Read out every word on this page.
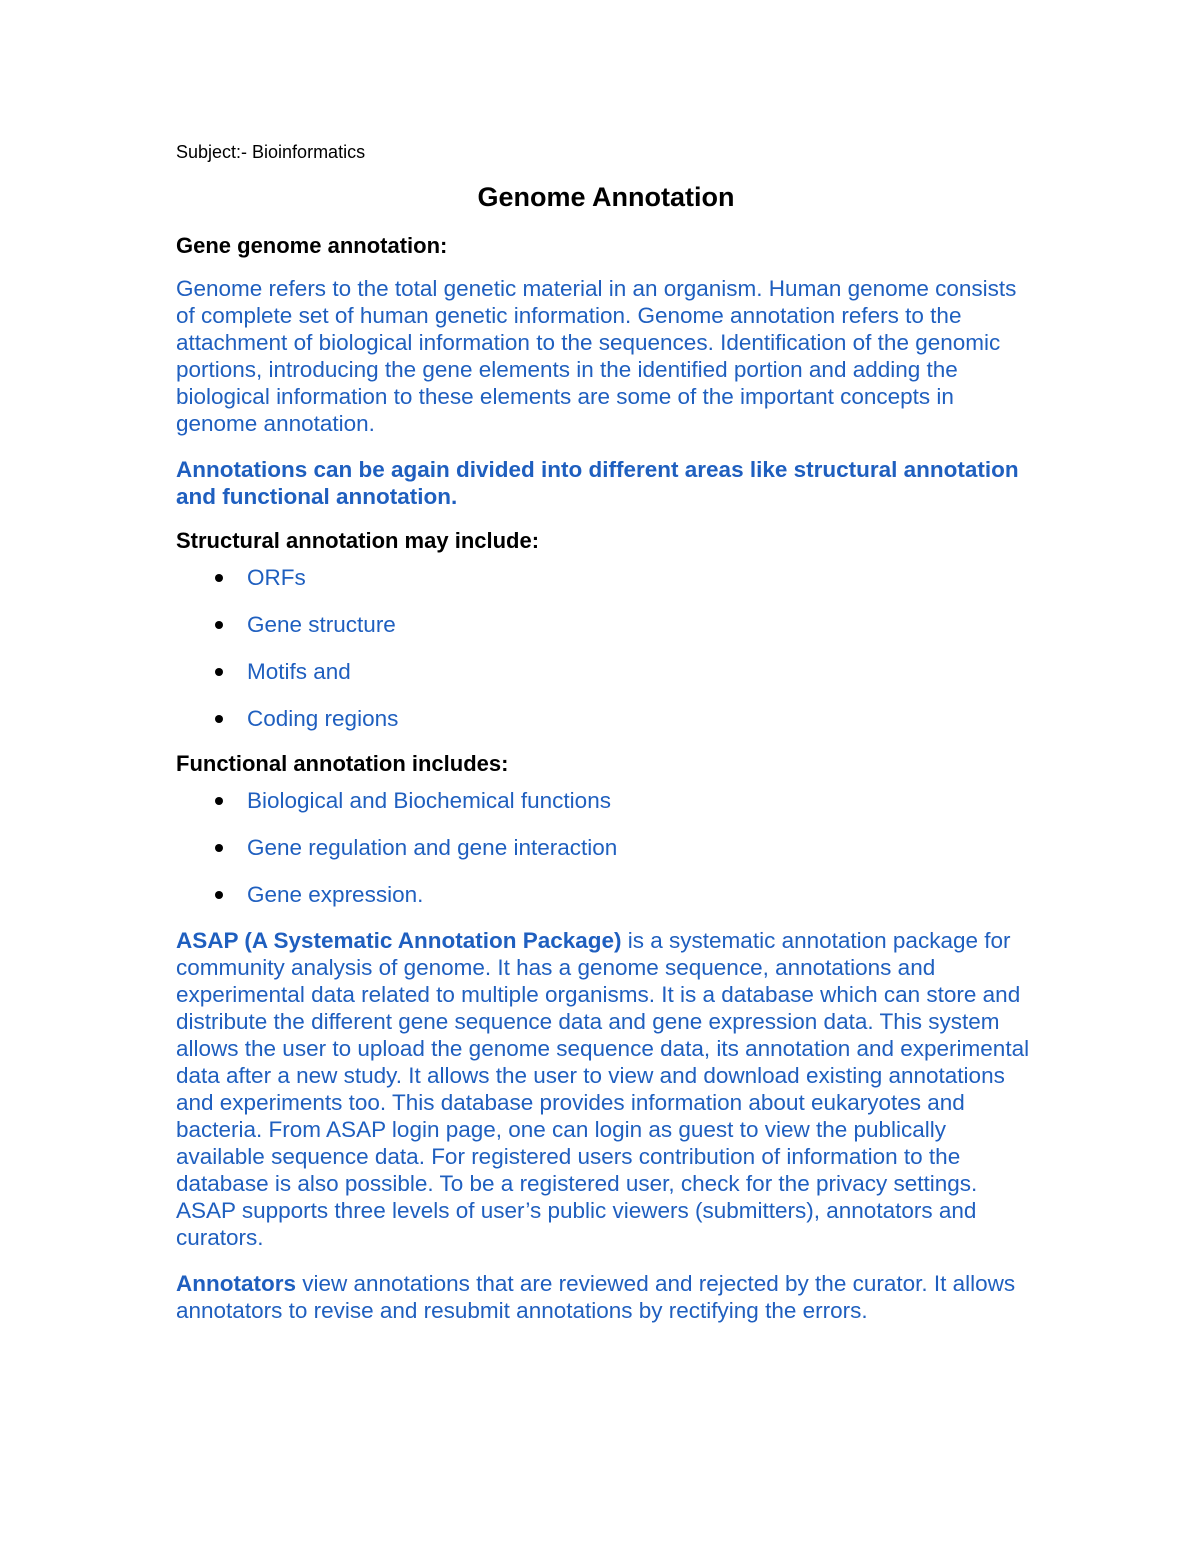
Subject:- Bioinformatics

Genome Annotation
Gene genome annotation:

Genome refers to the total genetic material in an organism. Human genome consists of complete set of human genetic information. Genome annotation refers to the attachment of biological information to the sequences. Identification of the genomic portions, introducing the gene elements in the identified portion and adding the biological information to these elements are some of the important concepts in genome annotation.

Annotations can be again divided into different areas like structural annotation and functional annotation.

Structural annotation may include:
ORFs
Gene structure
Motifs and
Coding regions
Functional annotation includes:
Biological and Biochemical functions
Gene regulation and gene interaction
Gene expression.

ASAP (A Systematic Annotation Package) is a systematic annotation package for community analysis of genome. It has a genome sequence, annotations and experimental data related to multiple organisms. It is a database which can store and distribute the different gene sequence data and gene expression data. This system allows the user to upload the genome sequence data, its annotation and experimental data after a new study. It allows the user to view and download existing annotations and experiments too. This database provides information about eukaryotes and bacteria. From ASAP login page, one can login as guest to view the publically available sequence data. For registered users contribution of information to the database is also possible. To be a registered user, check for the privacy settings. ASAP supports three levels of user’s public viewers (submitters), annotators and curators.

Annotators view annotations that are reviewed and rejected by the curator. It allows annotators to revise and resubmit annotations by rectifying the errors.
